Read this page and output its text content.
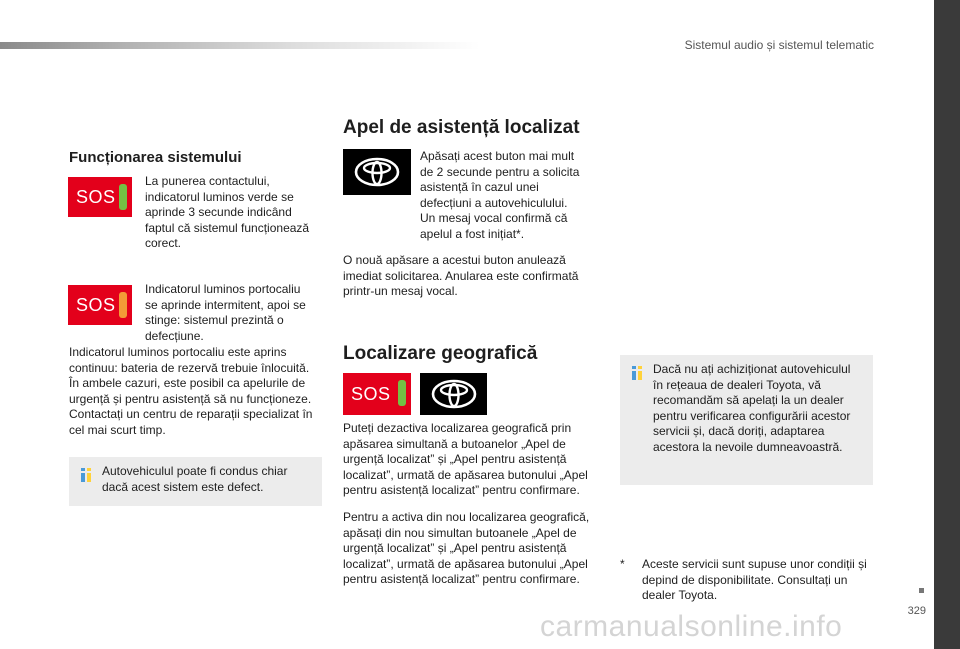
Sistemul audio și sistemul telematic
329
carmanualsonline.info
Funcționarea sistemului
SOS
La punerea contactului, indicatorul luminos verde se aprinde 3 secunde indicând faptul că sistemul funcționează corect.
SOS
Indicatorul luminos portocaliu se aprinde intermitent, apoi se stinge: sistemul prezintă o defecțiune.
Indicatorul luminos portocaliu este aprins continuu: bateria de rezervă trebuie înlocuită. În ambele cazuri, este posibil ca apelurile de urgență și pentru asistență să nu funcționeze. Contactați un centru de reparații specializat în cel mai scurt timp.
Autovehiculul poate fi condus chiar dacă acest sistem este defect.
Apel de asistență localizat
Apăsați acest buton mai mult de 2 secunde pentru a solicita asistență în cazul unei defecțiuni a autovehiculului. Un mesaj vocal confirmă că apelul a fost inițiat*.
O nouă apăsare a acestui buton anulează imediat solicitarea. Anularea este confirmată printr-un mesaj vocal.
Localizare geografică
SOS
Puteți dezactiva localizarea geografică prin apăsarea simultană a butoanelor „Apel de urgență localizat” și „Apel pentru asistență localizat”, urmată de apăsarea butonului „Apel pentru asistență localizat” pentru confirmare.
Pentru a activa din nou localizarea geografică, apăsați din nou simultan butoanele „Apel de urgență localizat” și „Apel pentru asistență localizat”, urmată de apăsarea butonului „Apel pentru asistență localizat” pentru confirmare.
Dacă nu ați achiziționat autovehiculul în rețeaua de dealeri Toyota, vă recomandăm să apelați la un dealer pentru verificarea configurării acestor servicii și, dacă doriți, adaptarea acestora la nevoile dumneavoastră.
* Aceste servicii sunt supuse unor condiții și depind de disponibilitate. Consultați un dealer Toyota.
